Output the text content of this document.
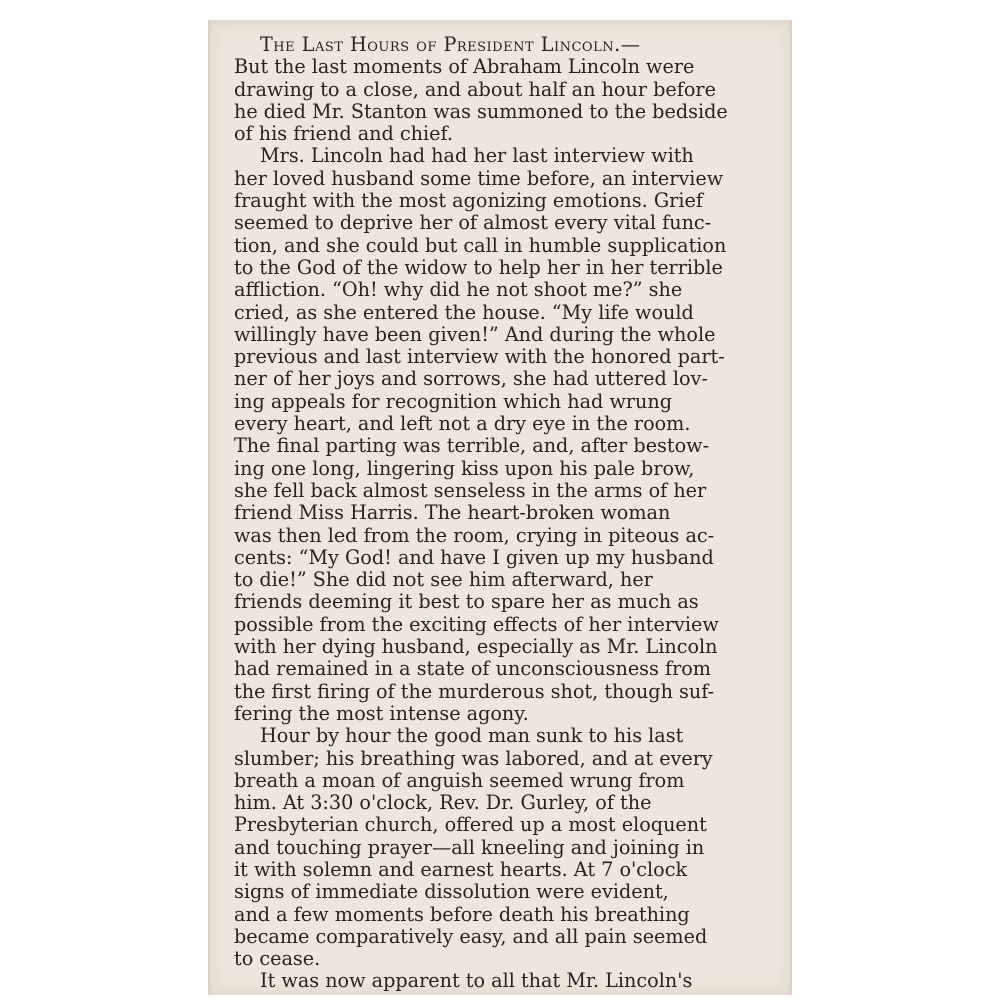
The Last Hours of President Lincoln.—
But the last moments of Abraham Lincoln were
drawing to a close, and about half an hour before
he died Mr. Stanton was summoned to the bedside
of his friend and chief.
Mrs. Lincoln had had her last interview with
her loved husband some time before, an interview
fraught with the most agonizing emotions. Grief
seemed to deprive her of almost every vital func-
tion, and she could but call in humble supplication
to the God of the widow to help her in her terrible
affliction. “Oh! why did he not shoot me?” she
cried, as she entered the house. “My life would
willingly have been given!” And during the whole
previous and last interview with the honored part-
ner of her joys and sorrows, she had uttered lov-
ing appeals for recognition which had wrung
every heart, and left not a dry eye in the room.
The final parting was terrible, and, after bestow-
ing one long, lingering kiss upon his pale brow,
she fell back almost senseless in the arms of her
friend Miss Harris. The heart-broken woman
was then led from the room, crying in piteous ac-
cents: “My God! and have I given up my husband
to die!” She did not see him afterward, her
friends deeming it best to spare her as much as
possible from the exciting effects of her interview
with her dying husband, especially as Mr. Lincoln
had remained in a state of unconsciousness from
the first firing of the murderous shot, though suf-
fering the most intense agony.
Hour by hour the good man sunk to his last
slumber; his breathing was labored, and at every
breath a moan of anguish seemed wrung from
him. At 3:30 o'clock, Rev. Dr. Gurley, of the
Presbyterian church, offered up a most eloquent
and touching prayer—all kneeling and joining in
it with solemn and earnest hearts. At 7 o'clock
signs of immediate dissolution were evident,
and a few moments before death his breathing
became comparatively easy, and all pain seemed
to cease.
It was now apparent to all that Mr. Lincoln's
